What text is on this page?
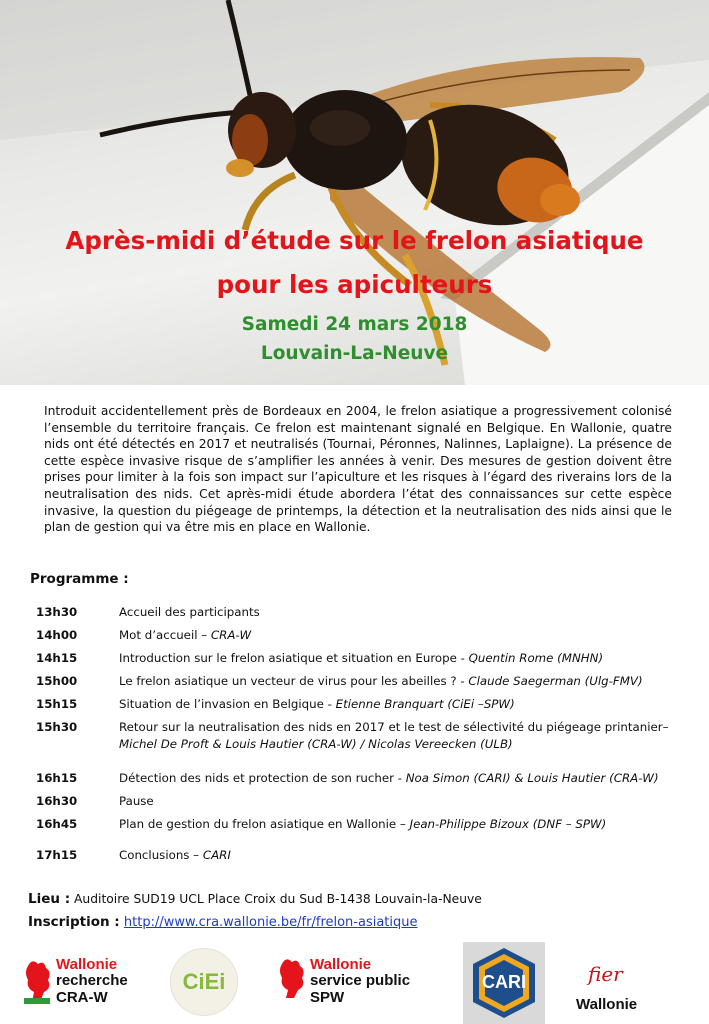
Après-midi d’étude sur le frelon asiatique
pour les apiculteurs
Samedi 24 mars 2018
Louvain-La-Neuve
Introduit accidentellement près de Bordeaux en 2004, le frelon asiatique a progressivement colonisé l’ensemble du territoire français. Ce frelon est maintenant signalé en Belgique. En Wallonie, quatre nids ont été détectés en 2017 et neutralisés (Tournai, Péronnes, Nalinnes, Laplaigne). La présence de cette espèce invasive risque de s’amplifier les années à venir. Des mesures de gestion doivent être prises pour limiter à la fois son impact sur l’apiculture et les risques à l’égard des riverains lors de la neutralisation des nids. Cet après-midi étude abordera l’état des connaissances sur cette espèce invasive, la question du piégeage de printemps, la détection et la neutralisation des nids ainsi que le plan de gestion qui va être mis en place en Wallonie.
Programme :
13h30	Accueil des participants
14h00	Mot d’accueil – CRA-W
14h15	Introduction sur le frelon asiatique et situation en Europe - Quentin Rome (MNHN)
15h00	Le frelon asiatique un vecteur de virus pour les abeilles ? - Claude Saegerman (Ulg-FMV)
15h15	Situation de l’invasion en Belgique - Etienne Branquart (CiEi –SPW)
15h30	Retour sur la neutralisation des nids en 2017 et le test de sélectivité du piégeage printanier– Michel De Proft & Louis Hautier (CRA-W) / Nicolas Vereecken (ULB)
16h15	Détection des nids et protection de son rucher - Noa Simon (CARI) & Louis Hautier (CRA-W)
16h30	Pause
16h45	Plan de gestion du frelon asiatique en Wallonie – Jean-Philippe Bizoux (DNF – SPW)
17h15	Conclusions – CARI
Lieu : Auditoire SUD19 UCL Place Croix du Sud B-1438 Louvain-la-Neuve
Inscription : http://www.cra.wallonie.be/fr/frelon-asiatique
Wallonie
recherche
CRA-W
CiEi
Wallonie
service public
SPW
CARI	fier
Wallonie
